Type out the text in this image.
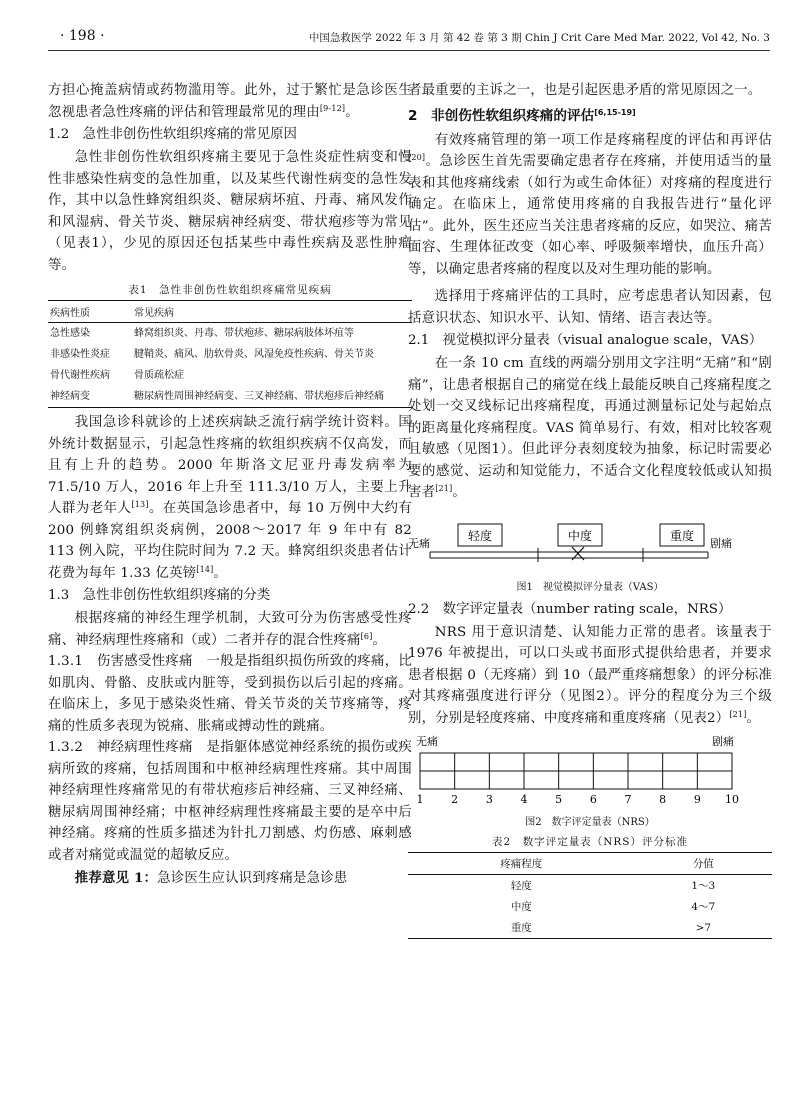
· 198 ·	中国急救医学 2022 年 3 月 第 42 卷 第 3 期 Chin J Crit Care Med Mar. 2022, Vol 42, No. 3

方担心掩盖病情或药物滥用等。此外，过于繁忙是急诊医生忽视患者急性疼痛的评估和管理最常见的理由[9-12]。

1.2　急性非创伤性软组织疼痛的常见原因

急性非创伤性软组织疼痛主要见于急性炎症性病变和慢性非感染性病变的急性加重，以及某些代谢性病变的急性发作，其中以急性蜂窝组织炎、糖尿病坏疽、丹毒、痛风发作和风湿病、骨关节炎、糖尿病神经病变、带状疱疹等为常见（见表1），少见的原因还包括某些中毒性疾病及恶性肿瘤等。

表1　急性非创伤性软组织疼痛常见疾病
疾病性质	常见疾病
急性感染	蜂窝组织炎、丹毒、带状疱疹、糖尿病肢体坏疽等
非感染性炎症	腱鞘炎、痛风、肋软骨炎、风湿免疫性疾病、骨关节炎
骨代谢性疾病	骨质疏松症
神经病变	糖尿病性周围神经病变、三叉神经痛、带状疱疹后神经痛

我国急诊科就诊的上述疾病缺乏流行病学统计资料。国外统计数据显示，引起急性疼痛的软组织疾病不仅高发，而且有上升的趋势。2000 年斯洛文尼亚丹毒发病率为 71.5/10 万人，2016 年上升至 111.3/10 万人，主要上升人群为老年人[13]。在英国急诊患者中，每 10 万例中大约有 200 例蜂窝组织炎病例，2008～2017 年 9 年中有 82 113 例入院，平均住院时间为 7.2 天。蜂窝组织炎患者估计花费为每年 1.33 亿英镑[14]。

1.3　急性非创伤性软组织疼痛的分类

根据疼痛的神经生理学机制，大致可分为伤害感受性疼痛、神经病理性疼痛和（或）二者并存的混合性疼痛[6]。

1.3.1　伤害感受性疼痛　一般是指组织损伤所致的疼痛，比如肌肉、骨骼、皮肤或内脏等，受到损伤以后引起的疼痛。在临床上，多见于感染炎性痛、骨关节炎的关节疼痛等，疼痛的性质多表现为锐痛、胀痛或搏动性的跳痛。

1.3.2　神经病理性疼痛　是指躯体感觉神经系统的损伤或疾病所致的疼痛，包括周围和中枢神经病理性疼痛。其中周围神经病理性疼痛常见的有带状疱疹后神经痛、三叉神经痛、糖尿病周围神经痛；中枢神经病理性疼痛最主要的是卒中后神经痛。疼痛的性质多描述为针扎刀割感、灼伤感、麻刺感或者对痛觉或温觉的超敏反应。

推荐意见 1：急诊医生应认识到疼痛是急诊患

者最重要的主诉之一，也是引起医患矛盾的常见原因之一。

2　非创伤性软组织疼痛的评估[6,15-19]

有效疼痛管理的第一项工作是疼痛程度的评估和再评估[20]。急诊医生首先需要确定患者存在疼痛，并使用适当的量表和其他疼痛线索（如行为或生命体征）对疼痛的程度进行确定。在临床上，通常使用疼痛的自我报告进行“量化评估”。此外，医生还应当关注患者疼痛的反应，如哭泣、痛苦面容、生理体征改变（如心率、呼吸频率增快，血压升高）等，以确定患者疼痛的程度以及对生理功能的影响。

选择用于疼痛评估的工具时，应考虑患者认知因素，包括意识状态、知识水平、认知、情绪、语言表达等。

2.1　视觉模拟评分量表（visual analogue scale，VAS）

在一条 10 cm 直线的两端分别用文字注明“无痛”和“剧痛”，让患者根据自己的痛觉在线上最能反映自己疼痛程度之处划一交叉线标记出疼痛程度，再通过测量标记处与起始点的距离量化疼痛程度。VAS 简单易行、有效，相对比较客观且敏感（见图1）。但此评分表刻度较为抽象，标记时需要必要的感觉、运动和知觉能力，不适合文化程度较低或认知损害者[21]。

轻度	中度	重度
无痛	剧痛
图1　视觉模拟评分量表（VAS）
2.2　数字评定量表（number rating scale，NRS）

NRS 用于意识清楚、认知能力正常的患者。该量表于 1976 年被提出，可以口头或书面形式提供给患者，并要求患者根据 0（无疼痛）到 10（最严重疼痛想象）的评分标准对其疼痛强度进行评分（见图2）。评分的程度分为三个级别，分别是轻度疼痛、中度疼痛和重度疼痛（见表2）[21]。

无痛	剧痛
1	2	3	4	5	6	7	8	9 10
图2　数字评定量表（NRS）
表2　数字评定量表（NRS）评分标准
疼痛程度	分值
轻度	1～3
中度	4～7
重度	>7
